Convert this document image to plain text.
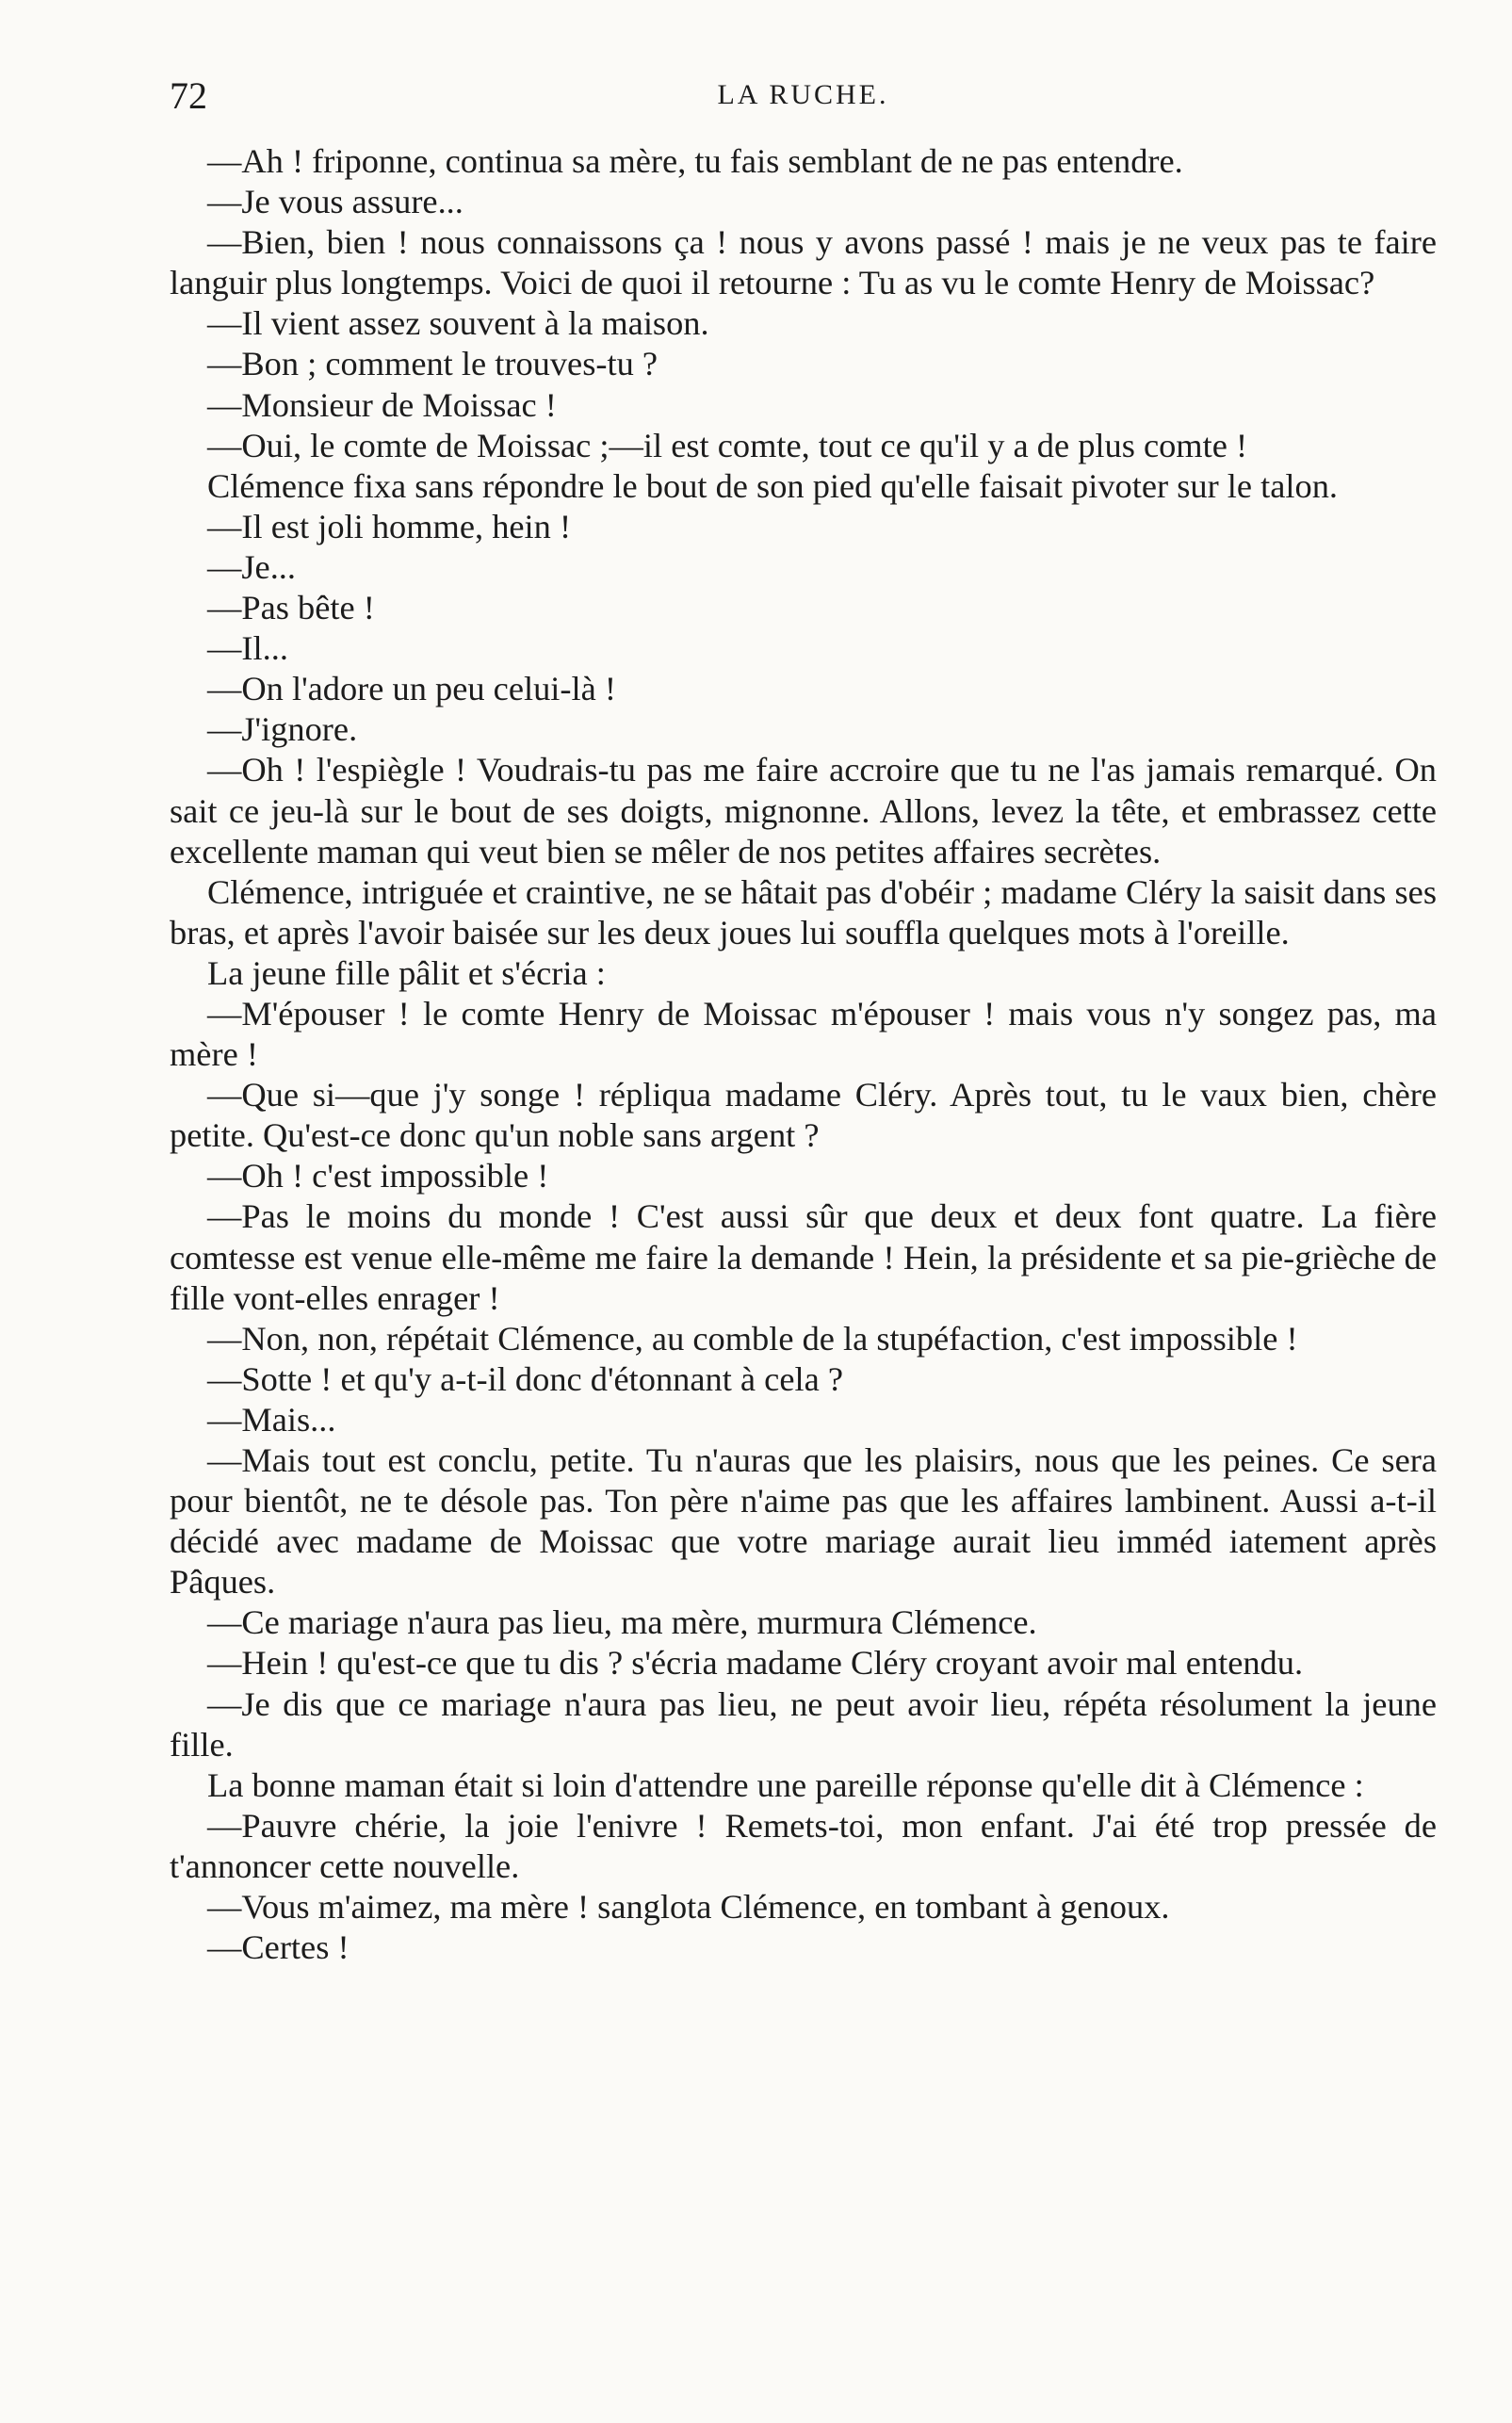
72	LA RUCHE.

—Ah ! friponne, continua sa mère, tu fais semblant de ne pas entendre.

—Je vous assure...

—Bien, bien ! nous connaissons ça ! nous y avons passé ! mais je ne veux pas te faire languir plus longtemps. Voici de quoi il retourne : Tu as vu le comte Henry de Moissac?

—Il vient assez souvent à la maison.

—Bon ; comment le trouves-tu ?

—Monsieur de Moissac !

—Oui, le comte de Moissac ;—il est comte, tout ce qu'il y a de plus comte !

Clémence fixa sans répondre le bout de son pied qu'elle faisait pivoter sur le talon.

—Il est joli homme, hein !

—Je...

—Pas bête !

—Il...

—On l'adore un peu celui-là !

—J'ignore.

—Oh ! l'espiègle ! Voudrais-tu pas me faire accroire que tu ne l'as jamais remarqué. On sait ce jeu-là sur le bout de ses doigts, mignonne. Allons, levez la tête, et embrassez cette excellente maman qui veut bien se mêler de nos petites affaires secrètes.

Clémence, intriguée et craintive, ne se hâtait pas d'obéir ; madame Cléry la saisit dans ses bras, et après l'avoir baisée sur les deux joues lui souffla quelques mots à l'oreille.

La jeune fille pâlit et s'écria :

—M'épouser ! le comte Henry de Moissac m'épouser ! mais vous n'y songez pas, ma mère !

—Que si—que j'y songe ! répliqua madame Cléry. Après tout, tu le vaux bien, chère petite. Qu'est-ce donc qu'un noble sans argent ?

—Oh ! c'est impossible !

—Pas le moins du monde ! C'est aussi sûr que deux et deux font quatre. La fière comtesse est venue elle-même me faire la demande ! Hein, la présidente et sa pie-grièche de fille vont-elles enrager !

—Non, non, répétait Clémence, au comble de la stupéfaction, c'est impossible !

—Sotte ! et qu'y a-t-il donc d'étonnant à cela ?

—Mais...

—Mais tout est conclu, petite. Tu n'auras que les plaisirs, nous que les peines. Ce sera pour bientôt, ne te désole pas. Ton père n'aime pas que les affaires lambinent. Aussi a-t-il décidé avec madame de Moissac que votre mariage aurait lieu imméd iatement après Pâques.

—Ce mariage n'aura pas lieu, ma mère, murmura Clémence.

—Hein ! qu'est-ce que tu dis ? s'écria madame Cléry croyant avoir mal entendu.

—Je dis que ce mariage n'aura pas lieu, ne peut avoir lieu, répéta résolument la jeune fille.

La bonne maman était si loin d'attendre une pareille réponse qu'elle dit à Clémence :

—Pauvre chérie, la joie l'enivre ! Remets-toi, mon enfant. J'ai été trop pressée de t'annoncer cette nouvelle.

—Vous m'aimez, ma mère ! sanglota Clémence, en tombant à genoux.

—Certes !
